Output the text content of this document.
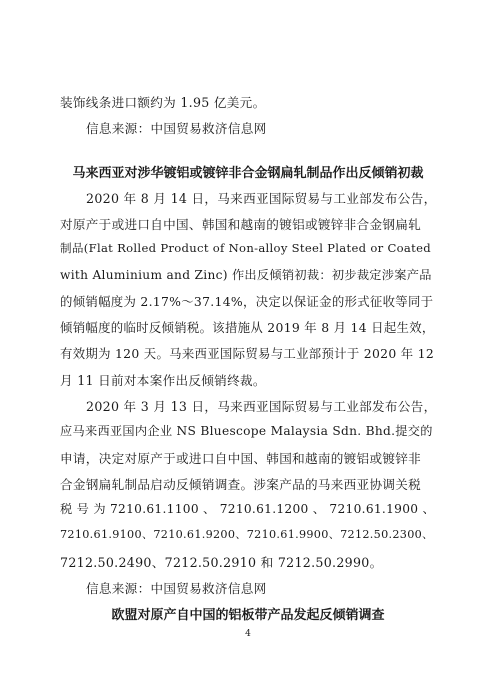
装饰线条进口额约为 1.95 亿美元。
信息来源：中国贸易救济信息网
马来西亚对涉华镀铝或镀锌非合金钢扁轧制品作出反倾销初裁
2020 年 8 月 14 日，马来西亚国际贸易与工业部发布公告，
对原产于或进口自中国、韩国和越南的镀铝或镀锌非合金钢扁轧
制品(Flat Rolled Product of Non-alloy Steel Plated or Coated
with Aluminium and Zinc) 作出反倾销初裁：初步裁定涉案产品
的倾销幅度为 2.17%～37.14%，决定以保证金的形式征收等同于
倾销幅度的临时反倾销税。该措施从 2019 年 8 月 14 日起生效，
有效期为 120 天。马来西亚国际贸易与工业部预计于 2020 年 12
月 11 日前对本案作出反倾销终裁。
2020 年 3 月 13 日，马来西亚国际贸易与工业部发布公告，
应马来西亚国内企业 NS Bluescope Malaysia Sdn. Bhd.提交的
申请，决定对原产于或进口自中国、韩国和越南的镀铝或镀锌非
合金钢扁轧制品启动反倾销调查。涉案产品的马来西亚协调关税
税 号 为 7210.61.1100 、 7210.61.1200 、 7210.61.1900 、
7210.61.9100、7210.61.9200、7210.61.9900、7212.50.2300、
7212.50.2490、7212.50.2910 和 7212.50.2990。
信息来源：中国贸易救济信息网
欧盟对原产自中国的铝板带产品发起反倾销调查
4
